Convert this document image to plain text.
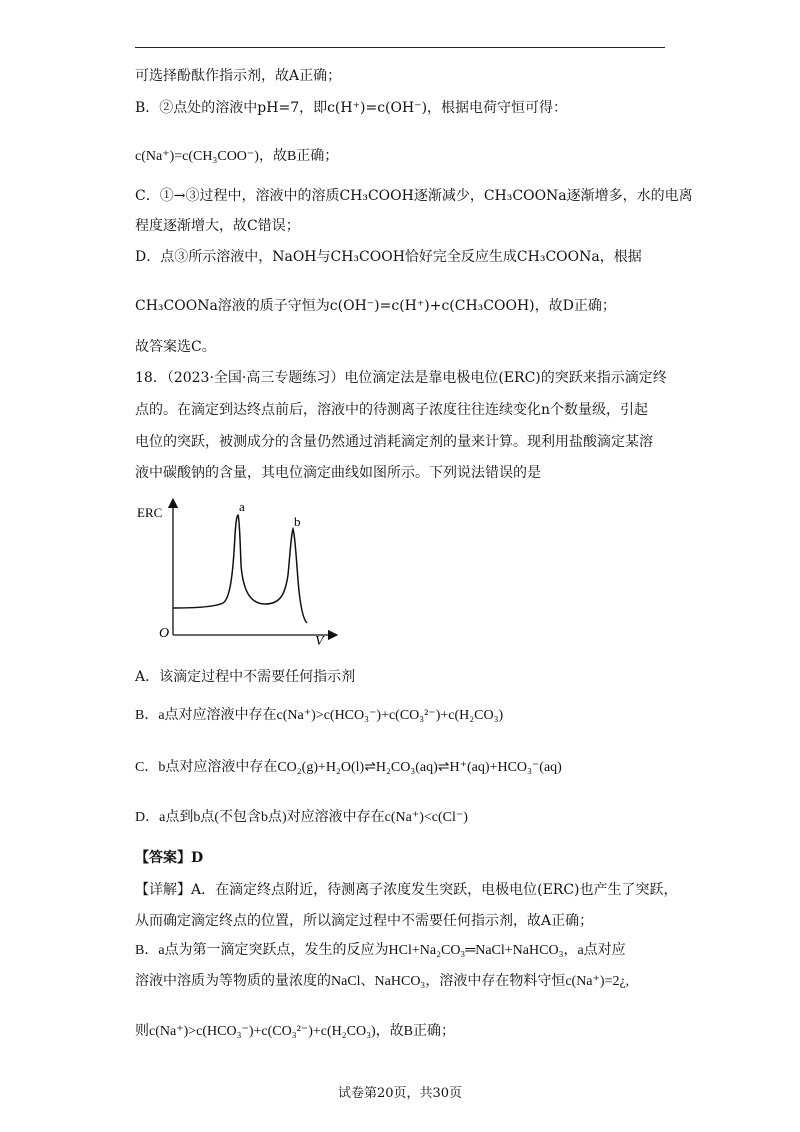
可选择酚酞作指示剂，故A正确；
B．②点处的溶液中pH=7，即c(H⁺)=c(OH⁻)，根据电荷守恒可得：
c(Na⁺)=c(CH₃COO⁻)，故B正确；
C．①→③过程中，溶液中的溶质CH₃COOH逐渐减少，CH₃COONa逐渐增多，水的电离
程度逐渐增大，故C错误；
D．点③所示溶液中，NaOH与CH₃COOH恰好完全反应生成CH₃COONa，根据
CH₃COONa溶液的质子守恒为c(OH⁻)=c(H⁺)+c(CH₃COOH)，故D正确；
故答案选C。
18．（2023·全国·高三专题练习）电位滴定法是靠电极电位(ERC)的突跃来指示滴定终
点的。在滴定到达终点前后，溶液中的待测离子浓度往往连续变化n个数量级，引起
电位的突跃，被测成分的含量仍然通过消耗滴定剂的量来计算。现利用盐酸滴定某溶
液中碳酸钠的含量，其电位滴定曲线如图所示。下列说法错误的是
ERC
V
O
a
b
A．该滴定过程中不需要任何指示剂
B．a点对应溶液中存在c(Na⁺)>c(HCO₃⁻)+c(CO₃²⁻)+c(H₂CO₃)
C．b点对应溶液中存在CO₂(g)+H₂O(l)⇌H₂CO₃(aq)⇌H⁺(aq)+HCO₃⁻(aq)
D．a点到b点(不包含b点)对应溶液中存在c(Na⁺)<c(Cl⁻)
【答案】D
【详解】A．在滴定终点附近，待测离子浓度发生突跃，电极电位(ERC)也产生了突跃，
从而确定滴定终点的位置，所以滴定过程中不需要任何指示剂，故A正确；
B．a点为第一滴定突跃点，发生的反应为HCl+Na₂CO₃═NaCl+NaHCO₃，a点对应
溶液中溶质为等物质的量浓度的NaCl、NaHCO₃，溶液中存在物料守恒c(Na⁺)=2¿,
则c(Na⁺)>c(HCO₃⁻)+c(CO₃²⁻)+c(H₂CO₃)，故B正确；
试卷第20页，共30页
